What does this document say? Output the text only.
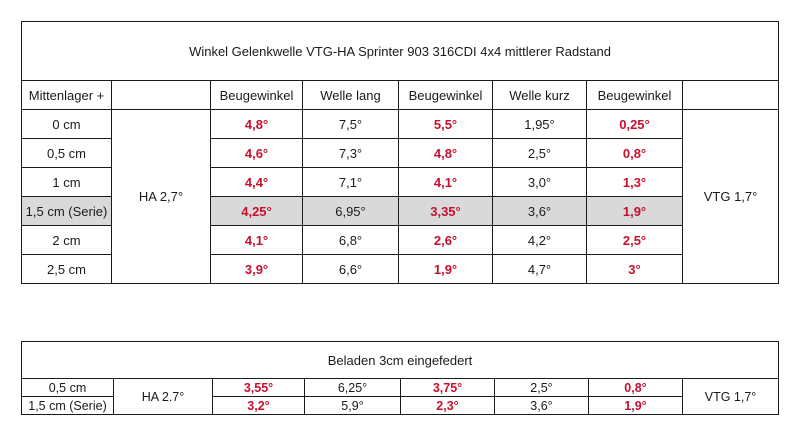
Winkel Gelenkwelle VTG-HA Sprinter 903 316CDI 4x4 mittlerer Radstand							
Mittenlager +		Beugewinkel	Welle lang	Beugewinkel	Welle kurz	Beugewinkel	
0 cm	HA 2,7°	4,8°	7,5°	5,5°	1,95°	0,25°	VTG 1,7°
0,5 cm		4,6°	7,3°	4,8°	2,5°	0,8°	
1 cm		4,4°	7,1°	4,1°	3,0°	1,3°	
1,5 cm (Serie)		4,25°	6,95°	3,35°	3,6°	1,9°	
2 cm		4,1°	6,8°	2,6°	4,2°	2,5°	
2,5 cm		3,9°	6,6°	1,9°	4,7°	3°	
Beladen 3cm eingefedert							
0,5 cm	HA 2.7°	3,55°	6,25°	3,75°	2,5°	0,8°	VTG 1,7°
1,5 cm (Serie)		3,2°	5,9°	2,3°	3,6°	1,9°	
